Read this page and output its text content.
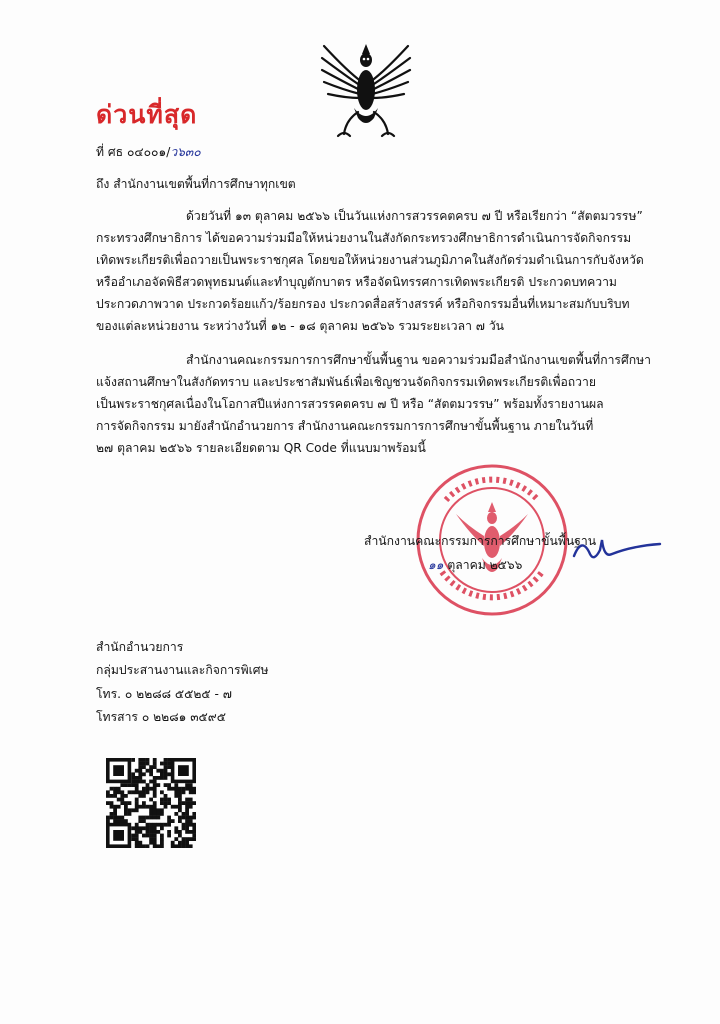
ด่วนที่สุด
ที่ ศธ ๐๔๐๐๑/ว๖๓๐
ถึง สำนักงานเขตพื้นที่การศึกษาทุกเขต
ด้วยวันที่ ๑๓ ตุลาคม ๒๕๖๖ เป็นวันแห่งการสวรรคตครบ ๗ ปี หรือเรียกว่า “สัตตมวรรษ”
กระทรวงศึกษาธิการ ได้ขอความร่วมมือให้หน่วยงานในสังกัดกระทรวงศึกษาธิการดำเนินการจัดกิจกรรม
เทิดพระเกียรติเพื่อถวายเป็นพระราชกุศล โดยขอให้หน่วยงานส่วนภูมิภาคในสังกัดร่วมดำเนินการกับจังหวัด
หรืออำเภอจัดพิธีสวดพุทธมนต์และทำบุญตักบาตร หรือจัดนิทรรศการเทิดพระเกียรติ ประกวดบทความ
ประกวดภาพวาด ประกวดร้อยแก้ว/ร้อยกรอง ประกวดสื่อสร้างสรรค์ หรือกิจกรรมอื่นที่เหมาะสมกับบริบท
ของแต่ละหน่วยงาน ระหว่างวันที่ ๑๒ - ๑๘ ตุลาคม ๒๕๖๖ รวมระยะเวลา ๗ วัน
สำนักงานคณะกรรมการการศึกษาขั้นพื้นฐาน ขอความร่วมมือสำนักงานเขตพื้นที่การศึกษา
แจ้งสถานศึกษาในสังกัดทราบ และประชาสัมพันธ์เพื่อเชิญชวนจัดกิจกรรมเทิดพระเกียรติเพื่อถวาย
เป็นพระราชกุศลเนื่องในโอกาสปีแห่งการสวรรคตครบ ๗ ปี หรือ “สัตตมวรรษ” พร้อมทั้งรายงานผล
การจัดกิจกรรม มายังสำนักอำนวยการ สำนักงานคณะกรรมการการศึกษาขั้นพื้นฐาน ภายในวันที่
๒๗ ตุลาคม ๒๕๖๖ รายละเอียดตาม QR Code ที่แนบมาพร้อมนี้
สำนักงานคณะกรรมการการศึกษาขั้นพื้นฐาน
๑๑ ตุลาคม ๒๕๖๖
สำนักอำนวยการ
กลุ่มประสานงานและกิจการพิเศษ
โทร. ๐ ๒๒๘๘ ๕๕๒๕ - ๗
โทรสาร ๐ ๒๒๘๑ ๓๕๙๕
